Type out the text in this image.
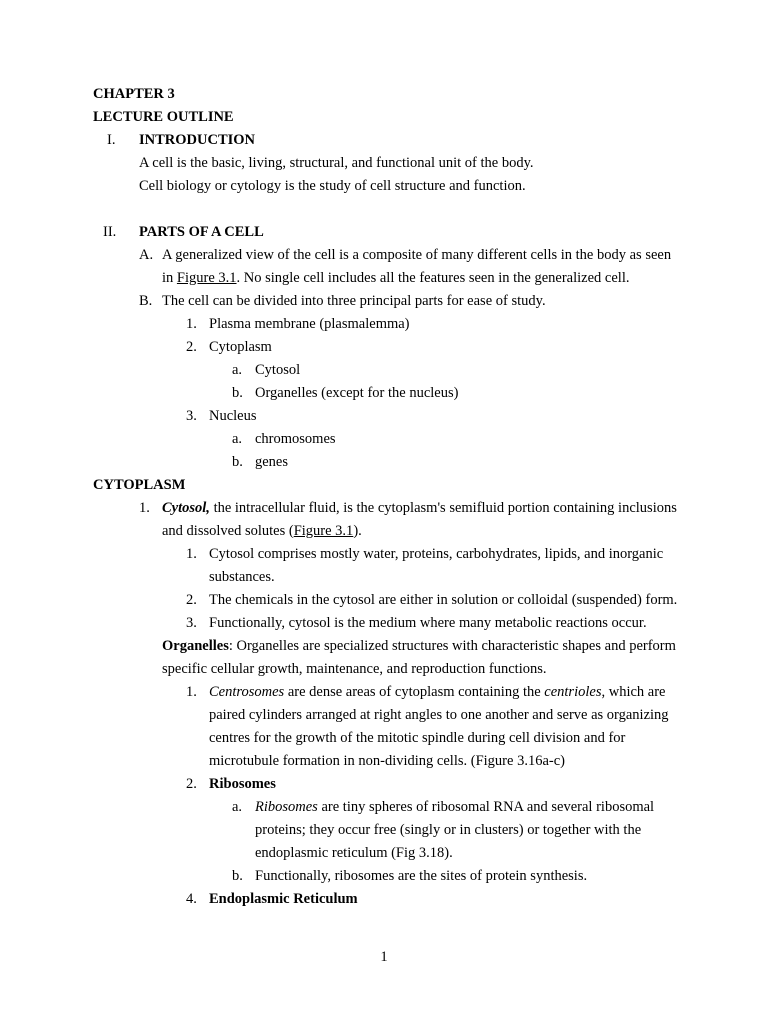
CHAPTER 3
LECTURE OUTLINE
I. INTRODUCTION
A cell is the basic, living, structural, and functional unit of the body.
Cell biology or cytology is the study of cell structure and function.
II. PARTS OF A CELL
A. A generalized view of the cell is a composite of many different cells in the body as seen
in Figure 3.1. No single cell includes all the features seen in the generalized cell.
B. The cell can be divided into three principal parts for ease of study.
1. Plasma membrane (plasmalemma)
2. Cytoplasm
a. Cytosol
b. Organelles (except for the nucleus)
3. Nucleus
a. chromosomes
b. genes
CYTOPLASM
1. Cytosol, the intracellular fluid, is the cytoplasm's semifluid portion containing inclusions
and dissolved solutes (Figure 3.1).
1. Cytosol comprises mostly water, proteins, carbohydrates, lipids, and inorganic
substances.
2. The chemicals in the cytosol are either in solution or colloidal (suspended) form.
3. Functionally, cytosol is the medium where many metabolic reactions occur.
Organelles: Organelles are specialized structures with characteristic shapes and perform
specific cellular growth, maintenance, and reproduction functions.
1. Centrosomes are dense areas of cytoplasm containing the centrioles, which are
paired cylinders arranged at right angles to one another and serve as organizing
centres for the growth of the mitotic spindle during cell division and for
microtubule formation in non-dividing cells. (Figure 3.16a-c)
2. Ribosomes
a. Ribosomes are tiny spheres of ribosomal RNA and several ribosomal
proteins; they occur free (singly or in clusters) or together with the
endoplasmic reticulum (Fig 3.18).
b. Functionally, ribosomes are the sites of protein synthesis.
4. Endoplasmic Reticulum
1
